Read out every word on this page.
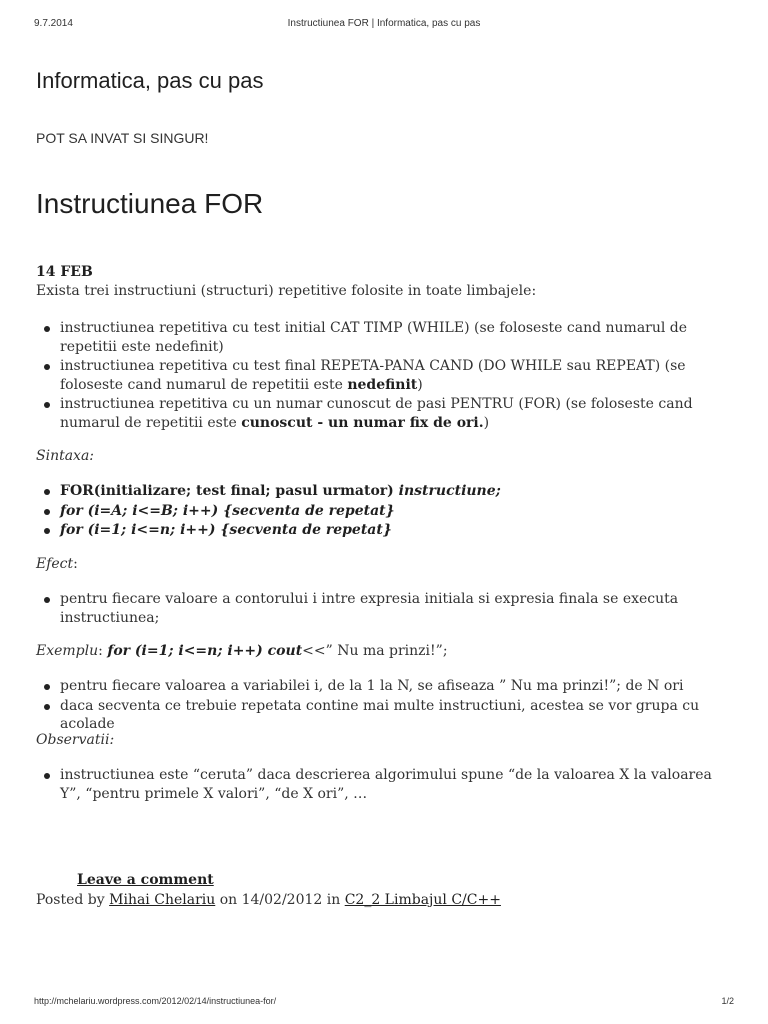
9.7.2014	Instructiunea FOR | Informatica, pas cu pas
Informatica, pas cu pas
POT SA INVAT SI SINGUR!
Instructiunea FOR
14 FEB
Exista trei instructiuni (structuri) repetitive folosite in toate limbajele:
instructiunea repetitiva cu test initial CAT TIMP (WHILE) (se foloseste cand numarul de repetitii este nedefinit)
instructiunea repetitiva cu test final REPETA-PANA CAND (DO WHILE sau REPEAT) (se foloseste cand numarul de repetitii este nedefinit)
instructiunea repetitiva cu un numar cunoscut de pasi PENTRU (FOR) (se foloseste cand numarul de repetitii este cunoscut - un numar fix de ori.)
Sintaxa:
FOR(initializare; test final; pasul urmator) instructiune;
for (i=A; i<=B; i++) {secventa de repetat}
for (i=1; i<=n; i++) {secventa de repetat}
Efect:
pentru fiecare valoare a contorului i intre expresia initiala si expresia finala se executa instructiunea;
Exemplu: for (i=1; i<=n; i++) cout<<” Nu ma prinzi!”;
pentru fiecare valoarea a variabilei i, de la 1 la N, se afiseaza ” Nu ma prinzi!”; de N ori
daca secventa ce trebuie repetata contine mai multe instructiuni, acestea se vor grupa cu acolade
Observatii:
instructiunea este “ceruta” daca descrierea algorimului spune “de la valoarea X la valoarea Y”, “pentru primele X valori”, “de X ori”, …
Leave a comment
Posted by Mihai Chelariu on 14/02/2012 in C2_2 Limbajul C/C++
http://mchelariu.wordpress.com/2012/02/14/instructiunea-for/	1/2
